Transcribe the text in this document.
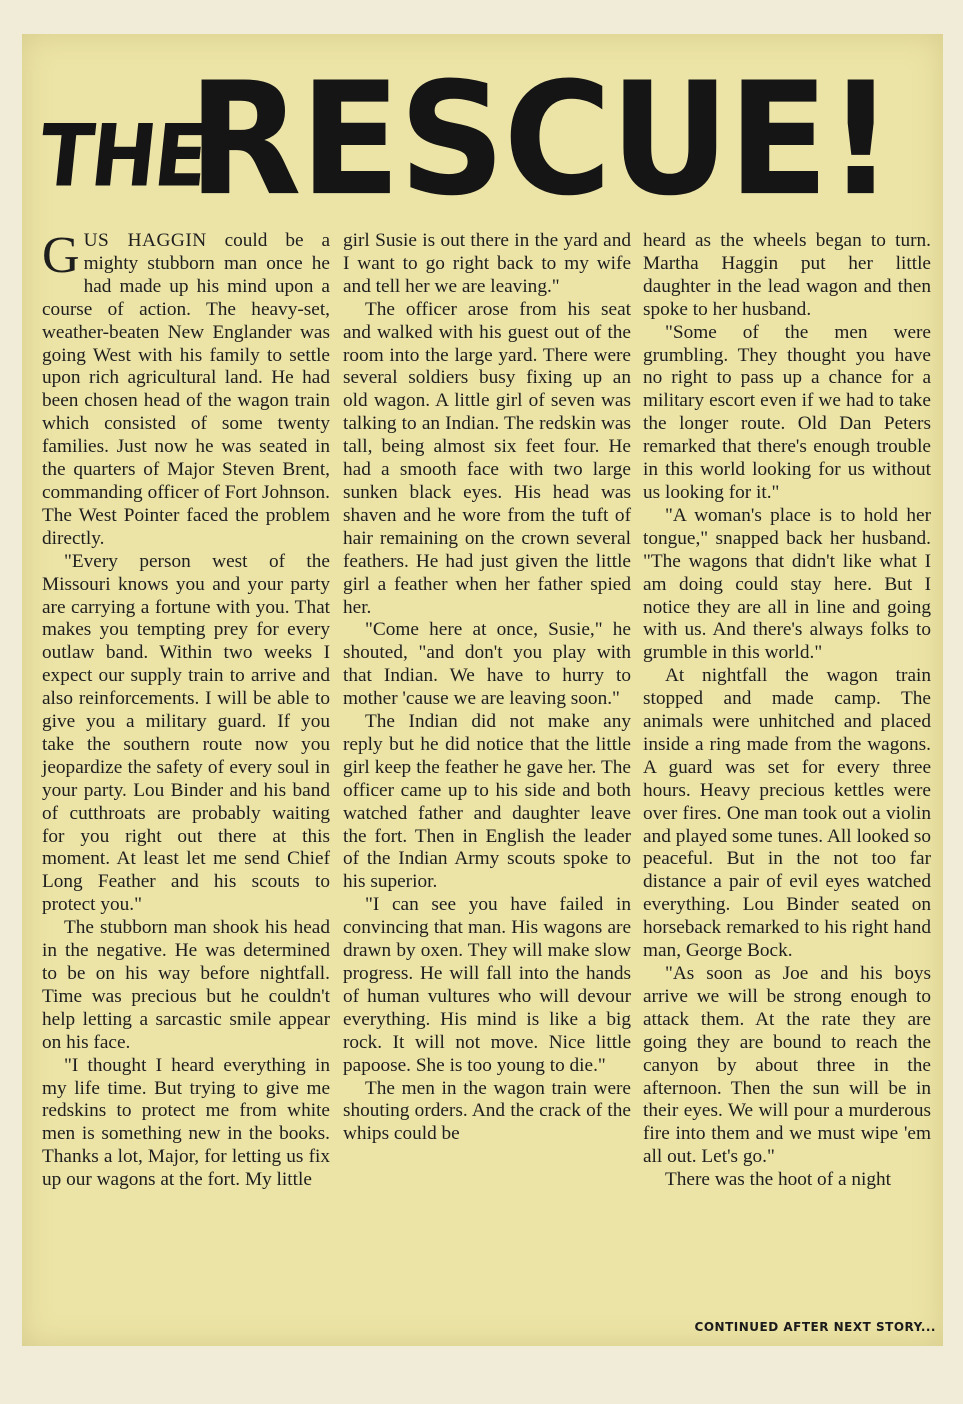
THE
RESCUE!

GUS HAGGIN could be a mighty stubborn man once he had made up his mind upon a course of action. The heavy-set, weather-beaten New Englander was going West with his family to settle upon rich agricultural land. He had been chosen head of the wagon train which consisted of some twenty families. Just now he was seated in the quarters of Major Steven Brent, commanding officer of Fort Johnson. The West Pointer faced the problem directly.

"Every person west of the Missouri knows you and your party are carrying a fortune with you. That makes you tempting prey for every outlaw band. Within two weeks I expect our supply train to arrive and also reinforcements. I will be able to give you a military guard. If you take the southern route now you jeopardize the safety of every soul in your party. Lou Binder and his band of cutthroats are probably waiting for you right out there at this moment. At least let me send Chief Long Feather and his scouts to protect you."

The stubborn man shook his head in the negative. He was determined to be on his way before nightfall. Time was precious but he couldn't help letting a sarcastic smile appear on his face.

"I thought I heard everything in my life time. But trying to give me redskins to protect me from white men is something new in the books. Thanks a lot, Major, for letting us fix up our wagons at the fort. My little

girl Susie is out there in the yard and I want to go right back to my wife and tell her we are leaving."

The officer arose from his seat and walked with his guest out of the room into the large yard. There were several soldiers busy fixing up an old wagon. A little girl of seven was talking to an Indian. The redskin was tall, being almost six feet four. He had a smooth face with two large sunken black eyes. His head was shaven and he wore from the tuft of hair remaining on the crown several feathers. He had just given the little girl a feather when her father spied her.

"Come here at once, Susie," he shouted, "and don't you play with that Indian. We have to hurry to mother 'cause we are leaving soon."

The Indian did not make any reply but he did notice that the little girl keep the feather he gave her. The officer came up to his side and both watched father and daughter leave the fort. Then in English the leader of the Indian Army scouts spoke to his superior.

"I can see you have failed in convincing that man. His wagons are drawn by oxen. They will make slow progress. He will fall into the hands of human vultures who will devour everything. His mind is like a big rock. It will not move. Nice little papoose. She is too young to die."

The men in the wagon train were shouting orders. And the crack of the whips could be

heard as the wheels began to turn. Martha Haggin put her little daughter in the lead wagon and then spoke to her husband.

"Some of the men were grumbling. They thought you have no right to pass up a chance for a military escort even if we had to take the longer route. Old Dan Peters remarked that there's enough trouble in this world looking for us without us looking for it."

"A woman's place is to hold her tongue," snapped back her husband. "The wagons that didn't like what I am doing could stay here. But I notice they are all in line and going with us. And there's always folks to grumble in this world."

At nightfall the wagon train stopped and made camp. The animals were unhitched and placed inside a ring made from the wagons. A guard was set for every three hours. Heavy precious kettles were over fires. One man took out a violin and played some tunes. All looked so peaceful. But in the not too far distance a pair of evil eyes watched everything. Lou Binder seated on horseback remarked to his right hand man, George Bock.

"As soon as Joe and his boys arrive we will be strong enough to attack them. At the rate they are going they are bound to reach the canyon by about three in the afternoon. Then the sun will be in their eyes. We will pour a murderous fire into them and we must wipe 'em all out. Let's go."

There was the hoot of a night

CONTINUED AFTER NEXT STORY...
